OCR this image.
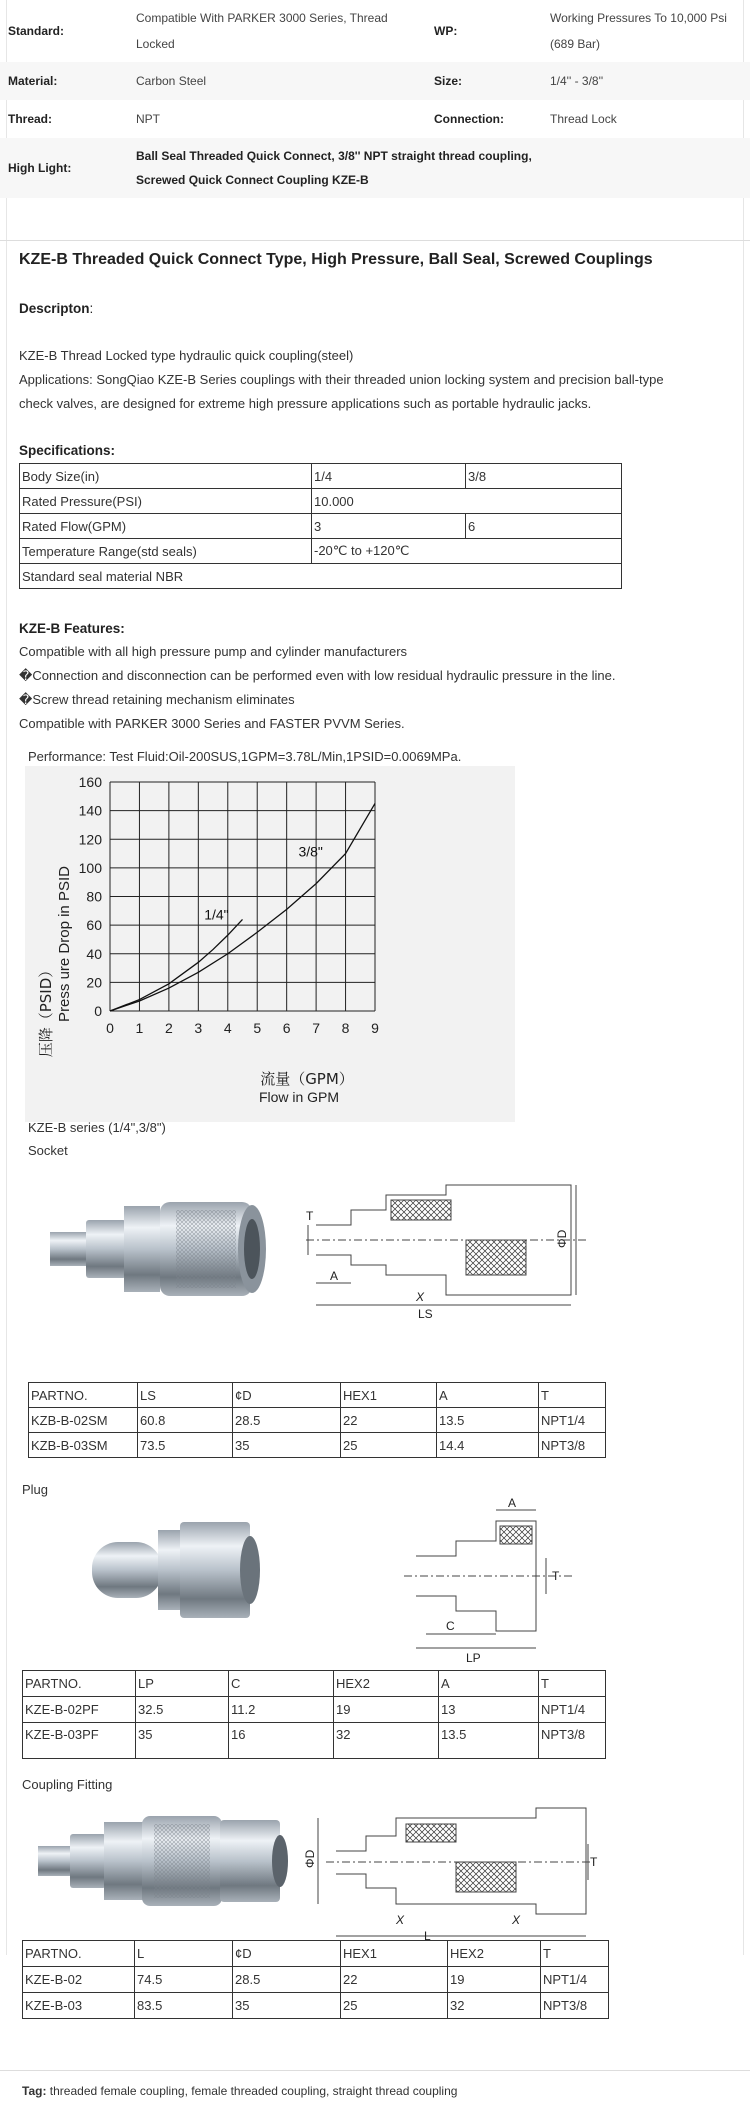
Standard:	Compatible With PARKER 3000 Series, Thread Locked	WP:	Working Pressures To 10,000 Psi (689 Bar)
Material:	Carbon Steel	Size:	1/4'' - 3/8''
Thread:	NPT	Connection:	Thread Lock
High Light:	Ball Seal Threaded Quick Connect, 3/8'' NPT straight thread coupling,
Screwed Quick Connect Coupling KZE-B		
KZE-B Threaded Quick Connect Type, High Pressure, Ball Seal, Screwed Couplings
Descripton:
KZE-B Thread Locked type hydraulic quick coupling(steel)
Applications: SongQiao KZE-B Series couplings with their threaded union locking system and precision ball-type
check valves, are designed for extreme high pressure applications such as portable hydraulic jacks.
Specifications:
Body Size(in)	1/4	3/8
Rated Pressure(PSI)	10.000	
Rated Flow(GPM)	3	6
Temperature Range(std seals)	-20℃ to +120℃	
Standard seal material NBR		
KZE-B Features:
Compatible with all high pressure pump and cylinder manufacturers
�Connection and disconnection can be performed even with low residual hydraulic pressure in the line.
�Screw thread retaining mechanism eliminates
Compatible with PARKER 3000 Series and FASTER PVVM Series.
Performance: Test Fluid:Oil-200SUS,1GPM=3.78L/Min,1PSID=0.0069MPa.
0 1 2 3 4 5 6 7 8 9
0
20
40
60
80
100
120
140
160
1/4"
3/8"
压降（PSID） Press ure Drop in PSID
流量（GPM）
Flow in GPM
KZE-B series (1/4",3/8")
Socket
T
A
X
LS
ΦD
PARTNO.	LS	¢D	HEX1	A	T
KZB-B-02SM	60.8	28.5	22	13.5	NPT1/4
KZB-B-03SM	73.5	35	25	14.4	NPT3/8
Plug
A
T
C
LP
PARTNO.	LP	C	HEX2	A	T
KZE-B-02PF	32.5	11.2	19	13	NPT1/4
KZE-B-03PF	35	16	32	13.5	NPT3/8
Coupling Fitting
ΦD	T
X	X
L
PARTNO.	L	¢D	HEX1	HEX2	T
KZE-B-02	74.5	28.5	22	19	NPT1/4
KZE-B-03	83.5	35	25	32	NPT3/8
Tag: threaded female coupling, female threaded coupling, straight thread coupling
